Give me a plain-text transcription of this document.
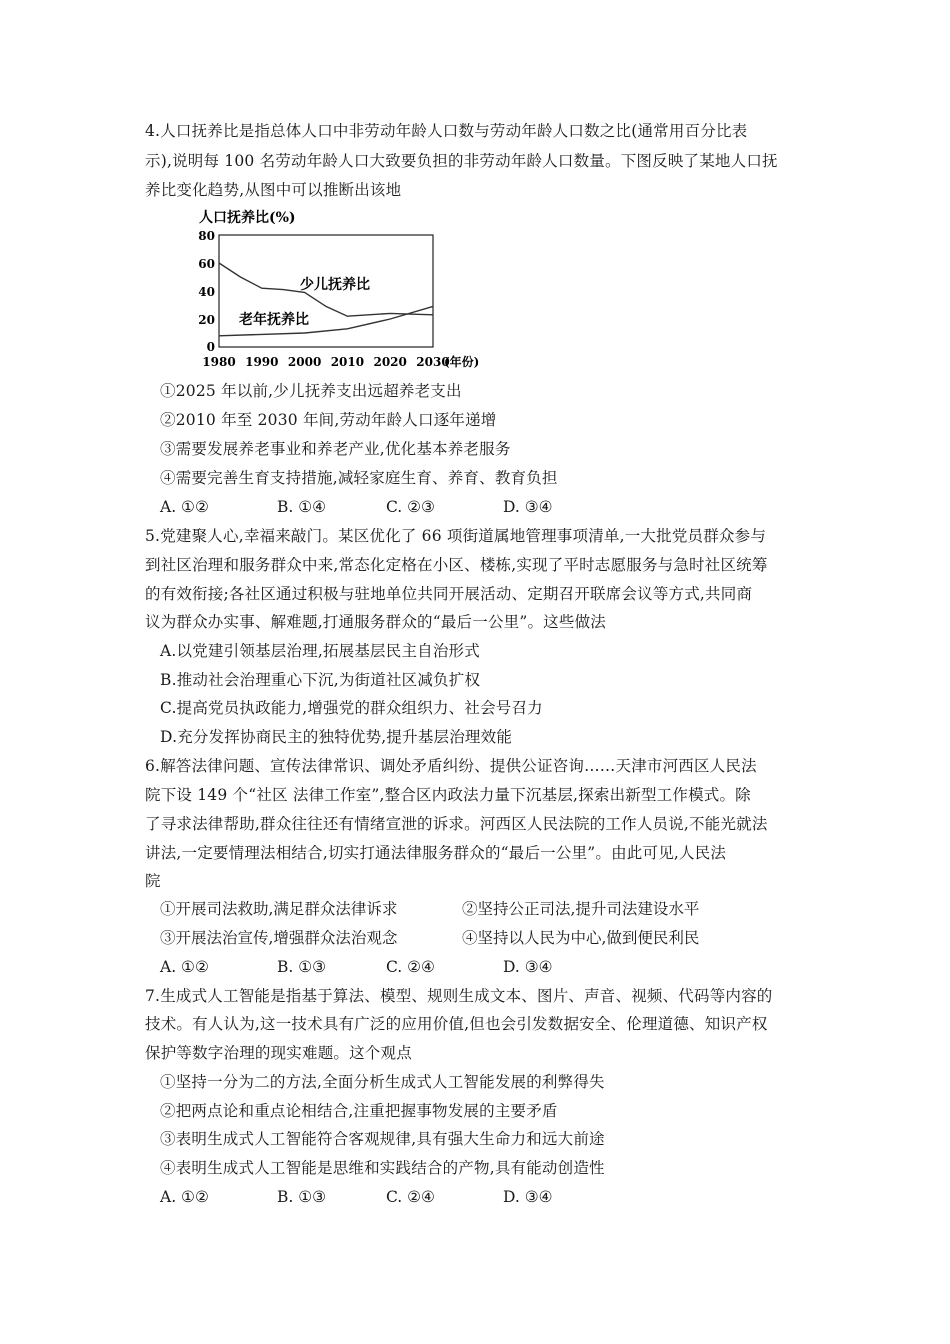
4.人口抚养比是指总体人口中非劳动年龄人口数与劳动年龄人口数之比(通常用百分比表
示),说明每 100 名劳动年龄人口大致要负担的非劳动年龄人口数量。下图反映了某地人口抚
养比变化趋势,从图中可以推断出该地
人口抚养比(%)
80
60
40
20
0
1980 1990 2000 2010 2020 2030
(年份)
少儿抚养比
老年抚养比
①2025 年以前,少儿抚养支出远超养老支出
②2010 年至 2030 年间,劳动年龄人口逐年递增
③需要发展养老事业和养老产业,优化基本养老服务
④需要完善生育支持措施,减轻家庭生育、养育、教育负担
A. ①②	B. ①④	C. ②③	D. ③④
5.党建聚人心,幸福来敲门。某区优化了 66 项街道属地管理事项清单,一大批党员群众参与
到社区治理和服务群众中来,常态化定格在小区、楼栋,实现了平时志愿服务与急时社区统筹
的有效衔接;各社区通过积极与驻地单位共同开展活动、定期召开联席会议等方式,共同商
议为群众办实事、解难题,打通服务群众的“最后一公里”。这些做法
A.以党建引领基层治理,拓展基层民主自治形式
B.推动社会治理重心下沉,为街道社区减负扩权
C.提高党员执政能力,增强党的群众组织力、社会号召力
D.充分发挥协商民主的独特优势,提升基层治理效能
6.解答法律问题、宣传法律常识、调处矛盾纠纷、提供公证咨询……天津市河西区人民法
院下设 149 个“社区 法律工作室”,整合区内政法力量下沉基层,探索出新型工作模式。除
了寻求法律帮助,群众往往还有情绪宣泄的诉求。河西区人民法院的工作人员说,不能光就法
讲法,一定要情理法相结合,切实打通法律服务群众的“最后一公里”。由此可见,人民法
院
①开展司法救助,满足群众法律诉求	②坚持公正司法,提升司法建设水平
③开展法治宣传,增强群众法治观念	④坚持以人民为中心,做到便民利民
A. ①②	B. ①③	C. ②④	D. ③④
7.生成式人工智能是指基于算法、模型、规则生成文本、图片、声音、视频、代码等内容的
技术。有人认为,这一技术具有广泛的应用价值,但也会引发数据安全、伦理道德、知识产权
保护等数字治理的现实难题。这个观点
①坚持一分为二的方法,全面分析生成式人工智能发展的利弊得失
②把两点论和重点论相结合,注重把握事物发展的主要矛盾
③表明生成式人工智能符合客观规律,具有强大生命力和远大前途
④表明生成式人工智能是思维和实践结合的产物,具有能动创造性
A. ①②	B. ①③	C. ②④	D. ③④
